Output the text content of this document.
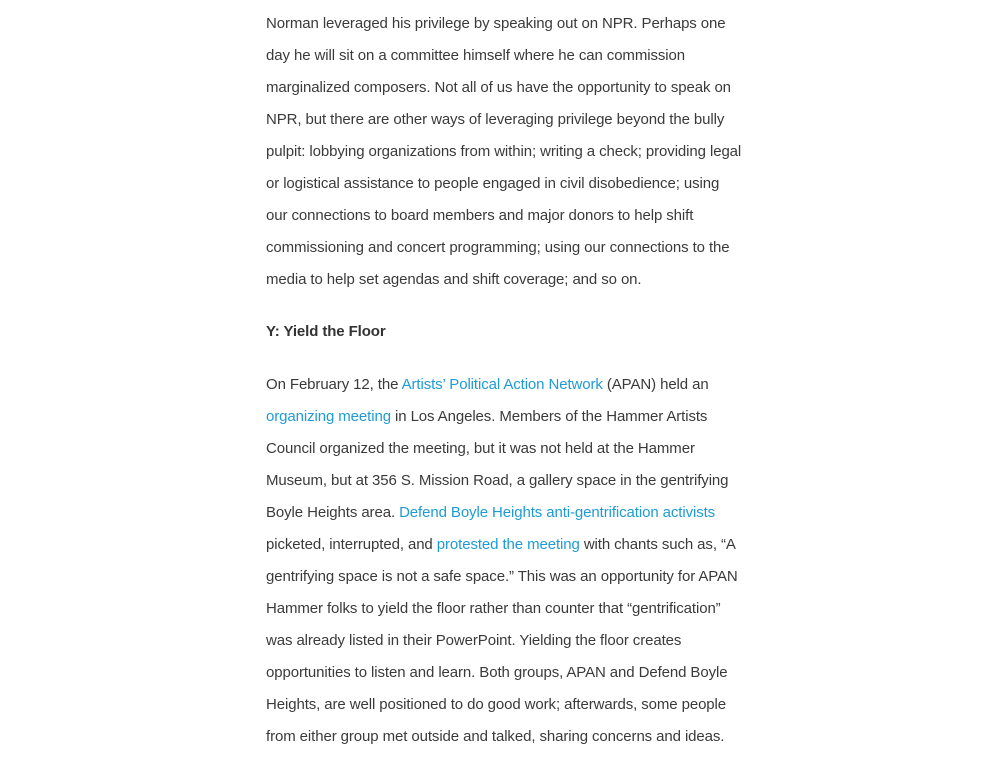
Norman leveraged his privilege by speaking out on NPR. Perhaps one day he will sit on a committee himself where he can commission marginalized composers. Not all of us have the opportunity to speak on NPR, but there are other ways of leveraging privilege beyond the bully pulpit: lobbying organizations from within; writing a check; providing legal or logistical assistance to people engaged in civil disobedience; using our connections to board members and major donors to help shift commissioning and concert programming; using our connections to the media to help set agendas and shift coverage; and so on.

Y: Yield the Floor

On February 12, the Artists’ Political Action Network (APAN) held an organizing meeting in Los Angeles. Members of the Hammer Artists Council organized the meeting, but it was not held at the Hammer Museum, but at 356 S. Mission Road, a gallery space in the gentrifying Boyle Heights area. Defend Boyle Heights anti-gentrification activists picketed, interrupted, and protested the meeting with chants such as, “A gentrifying space is not a safe space.” This was an opportunity for APAN Hammer folks to yield the floor rather than counter that “gentrification” was already listed in their PowerPoint. Yielding the floor creates opportunities to listen and learn. Both groups, APAN and Defend Boyle Heights, are well positioned to do good work; afterwards, some people from either group met outside and talked, sharing concerns and ideas.
